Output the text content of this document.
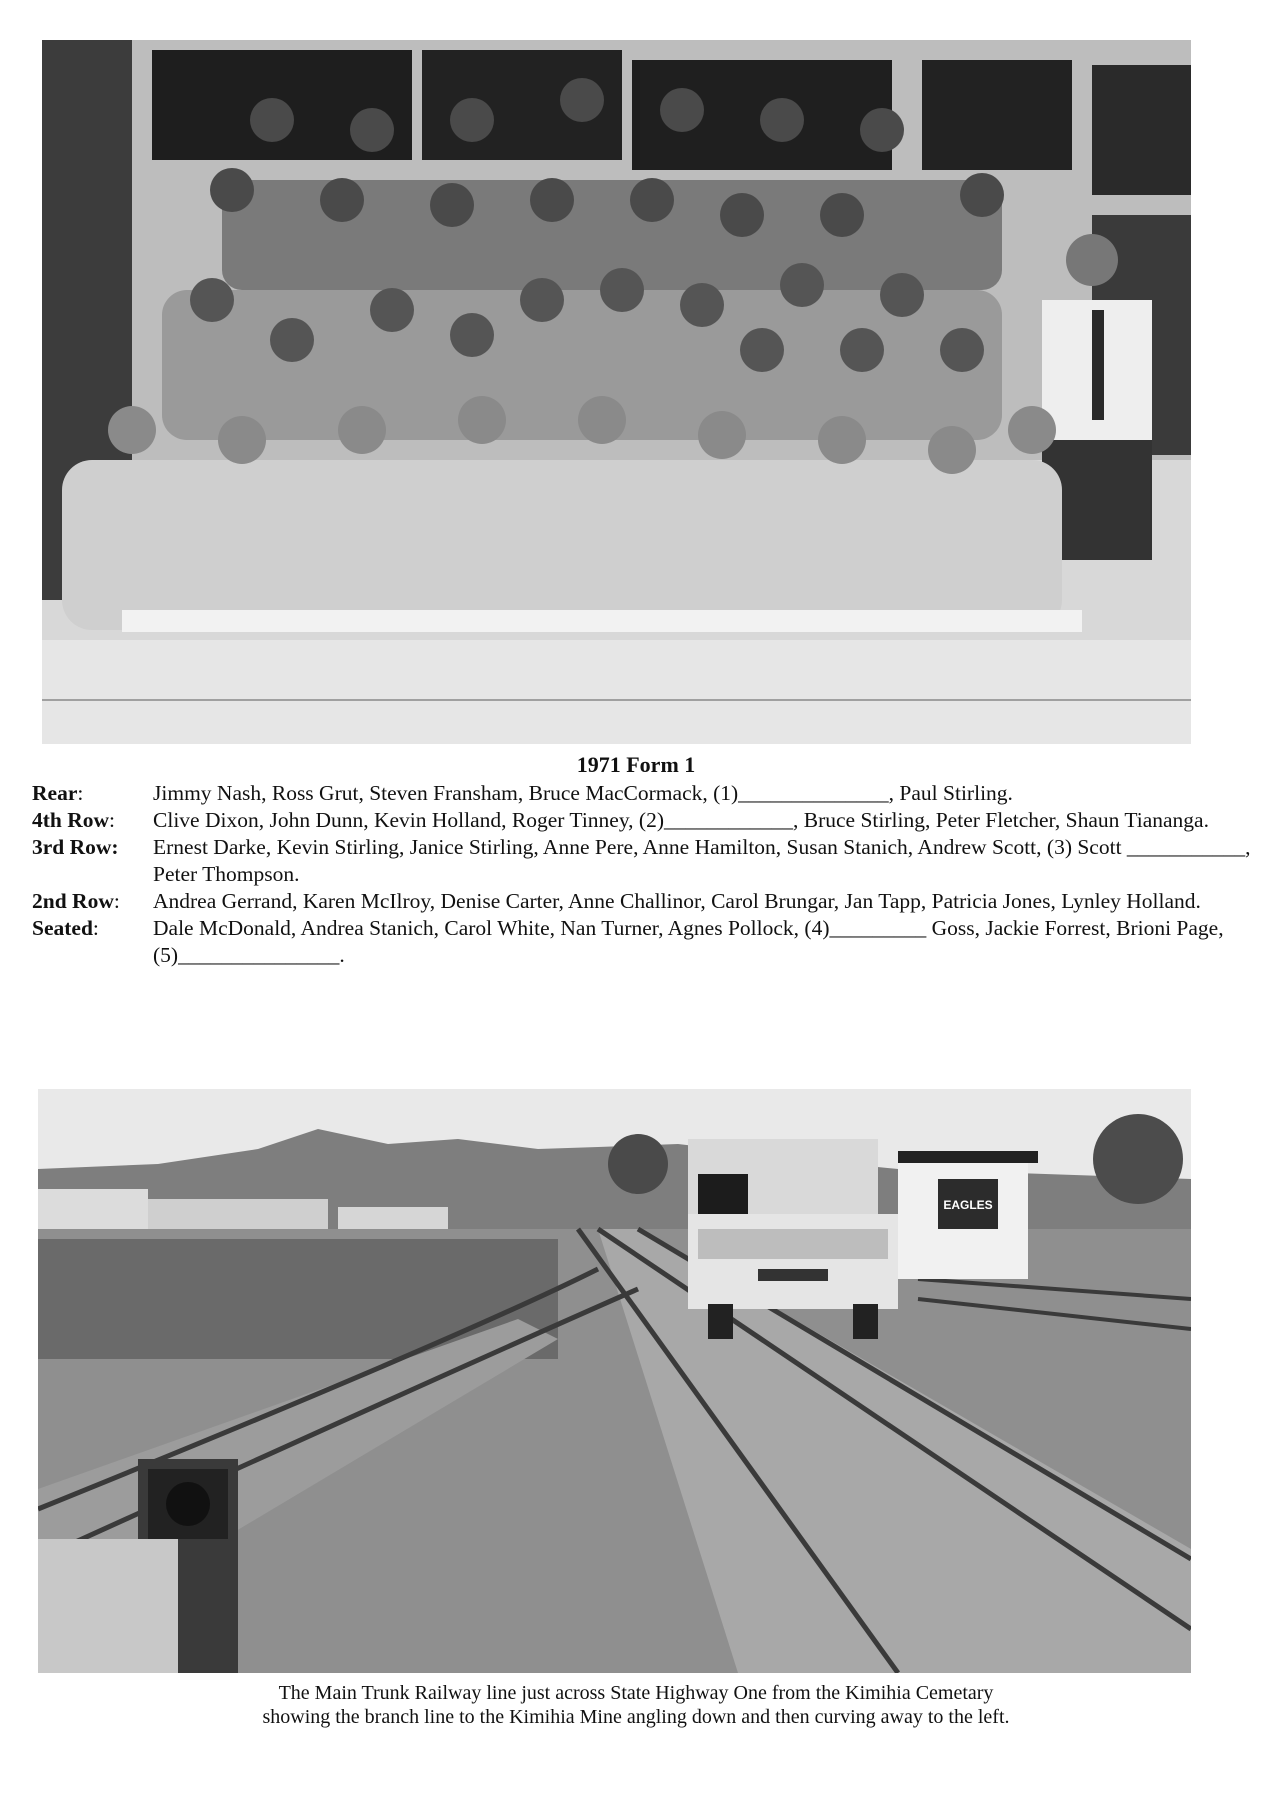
1971 Form 1
Rear:	Jimmy Nash, Ross Grut, Steven Fransham, Bruce MacCormack, (1)______________, Paul Stirling.
4th Row:	Clive Dixon, John Dunn, Kevin Holland, Roger Tinney, (2)____________, Bruce Stirling, Peter Fletcher, Shaun Tiananga.
3rd Row:	Ernest Darke, Kevin Stirling, Janice Stirling, Anne Pere, Anne Hamilton, Susan Stanich, Andrew Scott, (3) Scott ___________, Peter Thompson.
2nd Row:	Andrea Gerrand, Karen McIlroy, Denise Carter, Anne Challinor, Carol Brungar, Jan Tapp, Patricia Jones, Lynley Holland.
Seated:	Dale McDonald, Andrea Stanich, Carol White, Nan Turner, Agnes Pollock, (4)_________ Goss, Jackie Forrest, Brioni Page, (5)_______________.
EAGLES
The Main Trunk Railway line just across State Highway One from the Kimihia Cemetary
showing the branch line to the Kimihia Mine angling down and then curving away to the left.
